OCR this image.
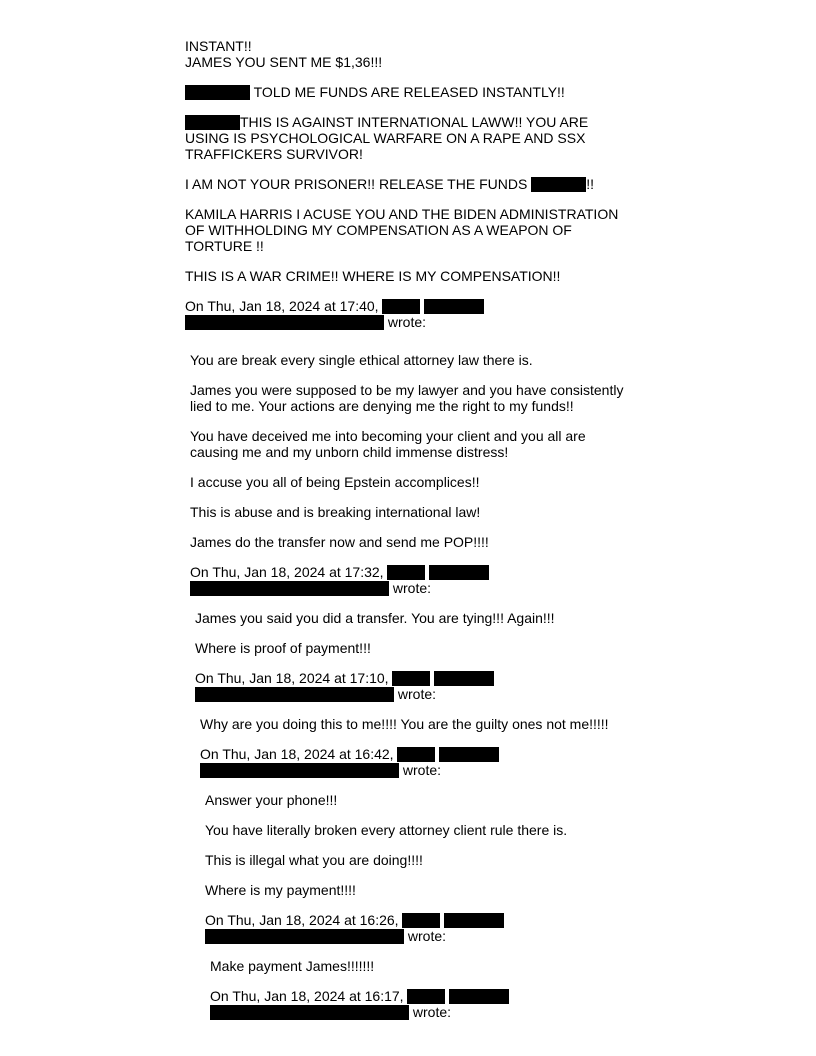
INSTANT!!
JAMES YOU SENT ME $1,36!!!

TOLD ME FUNDS ARE RELEASED INSTANTLY!!

THIS IS AGAINST INTERNATIONAL LAWW!! YOU ARE
USING IS PSYCHOLOGICAL WARFARE ON A RAPE AND SSX
TRAFFICKERS SURVIVOR!

I AM NOT YOUR PRISONER!! RELEASE THE FUNDS	!!

KAMILA HARRIS I ACUSE YOU AND THE BIDEN ADMINISTRATION
OF WITHHOLDING MY COMPENSATION AS A WEAPON OF
TORTURE !!

THIS IS A WAR CRIME!! WHERE IS MY COMPENSATION!!

On Thu, Jan 18, 2024 at 17:40,
wrote:

You are break every single ethical attorney law there is.

James you were supposed to be my lawyer and you have consistently
lied to me. Your actions are denying me the right to my funds!!

You have deceived me into becoming your client and you all are
causing me and my unborn child immense distress!

I accuse you all of being Epstein accomplices!!

This is abuse and is breaking international law!

James do the transfer now and send me POP!!!!

On Thu, Jan 18, 2024 at 17:32,
wrote:

James you said you did a transfer. You are tying!!! Again!!!

Where is proof of payment!!!

On Thu, Jan 18, 2024 at 17:10,
wrote:

Why are you doing this to me!!!! You are the guilty ones not me!!!!!

On Thu, Jan 18, 2024 at 16:42,
wrote:

Answer your phone!!!

You have literally broken every attorney client rule there is.

This is illegal what you are doing!!!!

Where is my payment!!!!

On Thu, Jan 18, 2024 at 16:26,
wrote:

Make payment James!!!!!!!

On Thu, Jan 18, 2024 at 16:17,
wrote:
